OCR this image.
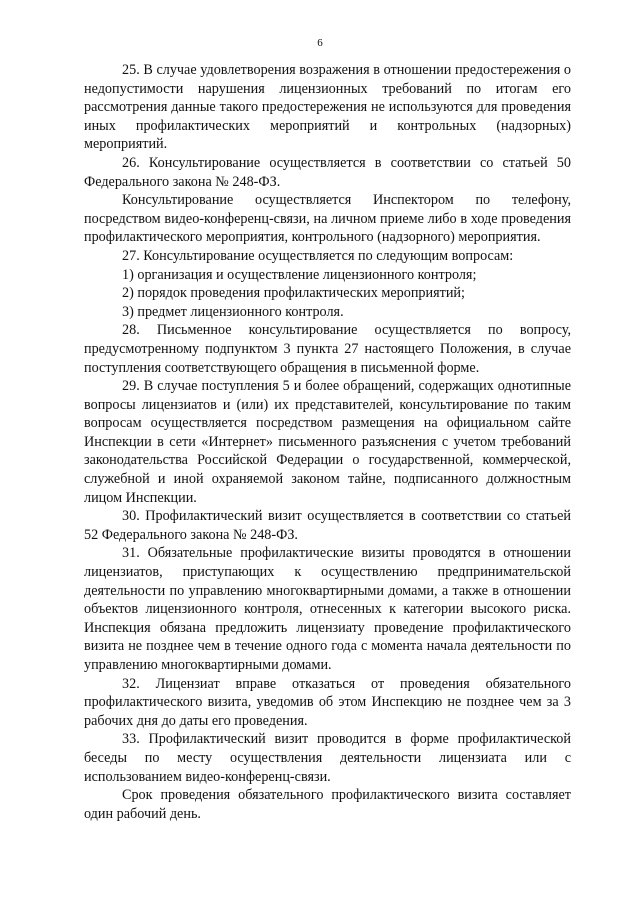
6

25. В случае удовлетворения возражения в отношении предостережения о недопустимости нарушения лицензионных требований по итогам его рассмотрения данные такого предостережения не используются для проведения иных профилактических мероприятий и контрольных (надзорных) мероприятий.

26. Консультирование осуществляется в соответствии со статьей 50 Федерального закона № 248-ФЗ.

Консультирование осуществляется Инспектором по телефону, посредством видео-конференц-связи, на личном приеме либо в ходе проведения профилактического мероприятия, контрольного (надзорного) мероприятия.

27. Консультирование осуществляется по следующим вопросам:

1) организация и осуществление лицензионного контроля;

2) порядок проведения профилактических мероприятий;

3) предмет лицензионного контроля.

28. Письменное консультирование осуществляется по вопросу, предусмотренному подпунктом 3 пункта 27 настоящего Положения, в случае поступления соответствующего обращения в письменной форме.

29. В случае поступления 5 и более обращений, содержащих однотипные вопросы лицензиатов и (или) их представителей, консультирование по таким вопросам осуществляется посредством размещения на официальном сайте Инспекции в сети «Интернет» письменного разъяснения с учетом требований законодательства Российской Федерации о государственной, коммерческой, служебной и иной охраняемой законом тайне, подписанного должностным лицом Инспекции.

30. Профилактический визит осуществляется в соответствии со статьей 52 Федерального закона № 248-ФЗ.

31. Обязательные профилактические визиты проводятся в отношении лицензиатов, приступающих к осуществлению предпринимательской деятельности по управлению многоквартирными домами, а также в отношении объектов лицензионного контроля, отнесенных к категории высокого риска. Инспекция обязана предложить лицензиату проведение профилактического визита не позднее чем в течение одного года с момента начала деятельности по управлению многоквартирными домами.

32. Лицензиат вправе отказаться от проведения обязательного профилактического визита, уведомив об этом Инспекцию не позднее чем за 3 рабочих дня до даты его проведения.

33. Профилактический визит проводится в форме профилактической беседы по месту осуществления деятельности лицензиата или с использованием видео-конференц-связи.

Срок проведения обязательного профилактического визита составляет один рабочий день.
